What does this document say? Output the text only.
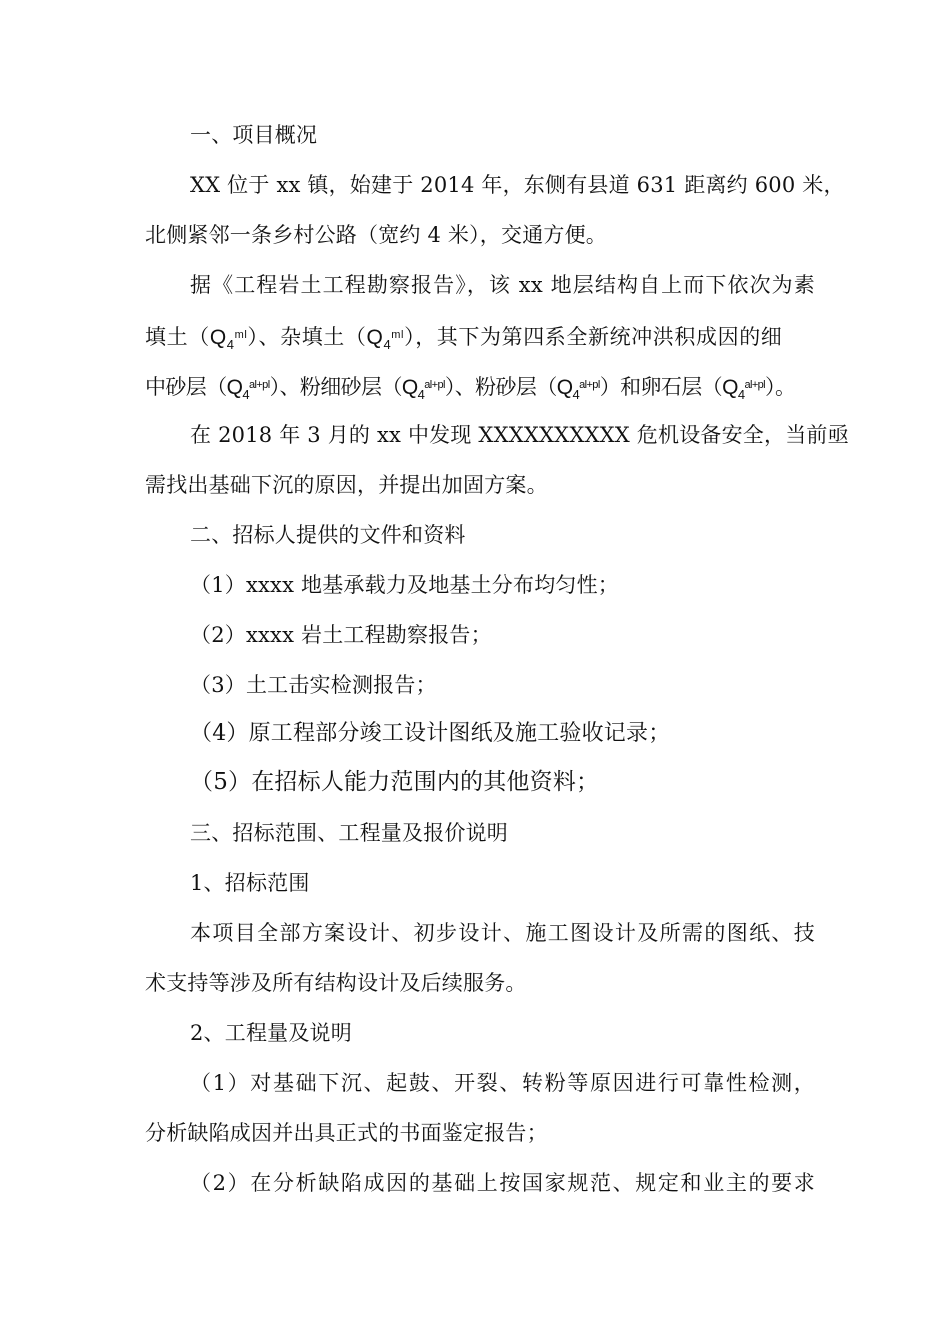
一、项目概况
XX 位于 xx 镇，始建于 2014 年，东侧有县道 631 距离约 600 米，
北侧紧邻一条乡村公路（宽约 4 米），交通方便。
据《工程岩土工程勘察报告》，该 xx 地层结构自上而下依次为素
填土$(Q_4^{ml})$、杂填土$(Q_4^{ml})$，其下为第四系全新统冲洪积成因的细
中砂层$(Q_4^{al+pl})$、粉细砂层$(Q_4^{al+pl})$、粉砂层$(Q_4^{al+pl})$和卵石层$(Q_4^{al+pl})$。
在 2018 年 3 月的 xx 中发现 XXXXXXXXXX 危机设备安全，当前亟
需找出基础下沉的原因，并提出加固方案。
二、招标人提供的文件和资料
（1）xxxx 地基承载力及地基土分布均匀性；
（2）xxxx 岩土工程勘察报告；
（3）土工击实检测报告；
（4）原工程部分竣工设计图纸及施工验收记录；
（5）在招标人能力范围内的其他资料；
三、招标范围、工程量及报价说明
1、招标范围
本项目全部方案设计、初步设计、施工图设计及所需的图纸、技
术支持等涉及所有结构设计及后续服务。
2、工程量及说明
（1）对基础下沉、起鼓、开裂、转粉等原因进行可靠性检测，
分析缺陷成因并出具正式的书面鉴定报告；
（2）在分析缺陷成因的基础上按国家规范、规定和业主的要求
